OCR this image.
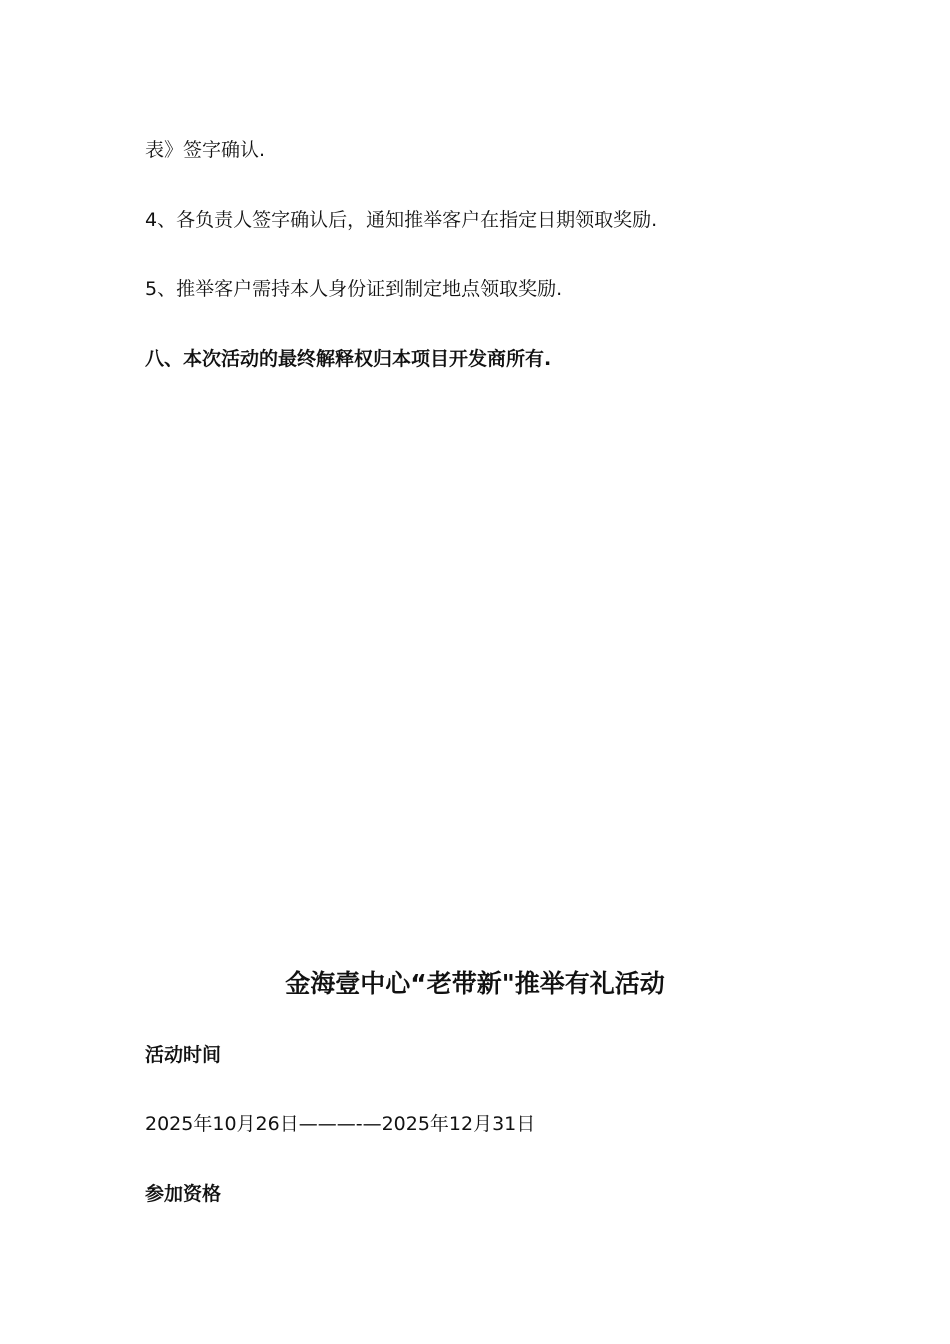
表》签字确认.
4、各负责人签字确认后，通知推举客户在指定日期领取奖励.
5、推举客户需持本人身份证到制定地点领取奖励.
八、本次活动的最终解释权归本项目开发商所有.
金海壹中心“老带新"推举有礼活动
活动时间
2025年10月26日———-—2025年12月31日
参加资格
